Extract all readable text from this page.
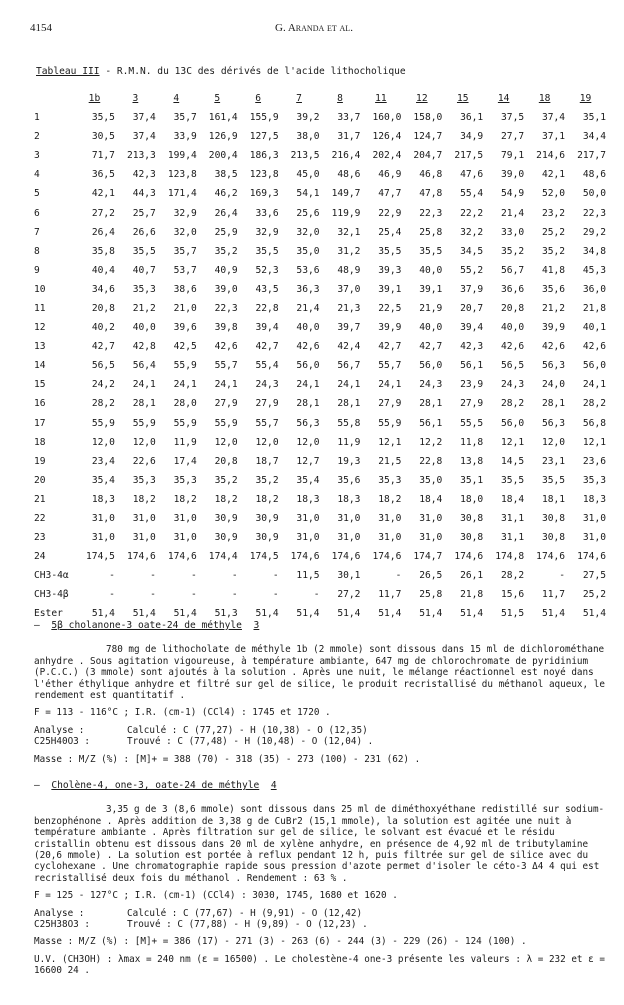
4154	G. Aranda et al.
Tableau III - R.M.N. du 13C des dérivés de l'acide lithocholique
	1b	3	4	5	6	7	8	11	12	15	14	18	19
1	35,5	37,4	35,7	161,4	155,9	39,2	33,7	160,0	158,0	36,1	37,5	37,4	35,1
2	30,5	37,4	33,9	126,9	127,5	38,0	31,7	126,4	124,7	34,9	27,7	37,1	34,4
3	71,7	213,3	199,4	200,4	186,3	213,5	216,4	202,4	204,7	217,5	79,1	214,6	217,7
4	36,5	42,3	123,8	38,5	123,8	45,0	48,6	46,9	46,8	47,6	39,0	42,1	48,6
5	42,1	44,3	171,4	46,2	169,3	54,1	149,7	47,7	47,8	55,4	54,9	52,0	50,0
6	27,2	25,7	32,9	26,4	33,6	25,6	119,9	22,9	22,3	22,2	21,4	23,2	22,3
7	26,4	26,6	32,0	25,9	32,9	32,0	32,1	25,4	25,8	32,2	33,0	25,2	29,2
8	35,8	35,5	35,7	35,2	35,5	35,0	31,2	35,5	35,5	34,5	35,2	35,2	34,8
9	40,4	40,7	53,7	40,9	52,3	53,6	48,9	39,3	40,0	55,2	56,7	41,8	45,3
10	34,6	35,3	38,6	39,0	43,5	36,3	37,0	39,1	39,1	37,9	36,6	35,6	36,0
11	20,8	21,2	21,0	22,3	22,8	21,4	21,3	22,5	21,9	20,7	20,8	21,2	21,8
12	40,2	40,0	39,6	39,8	39,4	40,0	39,7	39,9	40,0	39,4	40,0	39,9	40,1
13	42,7	42,8	42,5	42,6	42,7	42,6	42,4	42,7	42,7	42,3	42,6	42,6	42,6
14	56,5	56,4	55,9	55,7	55,4	56,0	56,7	55,7	56,0	56,1	56,5	56,3	56,0
15	24,2	24,1	24,1	24,1	24,3	24,1	24,1	24,1	24,3	23,9	24,3	24,0	24,1
16	28,2	28,1	28,0	27,9	27,9	28,1	28,1	27,9	28,1	27,9	28,2	28,1	28,2
17	55,9	55,9	55,9	55,9	55,7	56,3	55,8	55,9	56,1	55,5	56,0	56,3	56,8
18	12,0	12,0	11,9	12,0	12,0	12,0	11,9	12,1	12,2	11,8	12,1	12,0	12,1
19	23,4	22,6	17,4	20,8	18,7	12,7	19,3	21,5	22,8	13,8	14,5	23,1	23,6
20	35,4	35,3	35,3	35,2	35,2	35,4	35,6	35,3	35,0	35,1	35,5	35,5	35,3
21	18,3	18,2	18,2	18,2	18,2	18,3	18,3	18,2	18,4	18,0	18,4	18,1	18,3
22	31,0	31,0	31,0	30,9	30,9	31,0	31,0	31,0	31,0	30,8	31,1	30,8	31,0
23	31,0	31,0	31,0	30,9	30,9	31,0	31,0	31,0	31,0	30,8	31,1	30,8	31,0
24	174,5	174,6	174,6	174,4	174,5	174,6	174,6	174,6	174,7	174,6	174,8	174,6	174,6
CH3-4α	-	-	-	-	-	11,5	30,1	-	26,5	26,1	28,2	-	27,5
CH3-4β	-	-	-	-	-	-	27,2	11,7	25,8	21,8	15,6	11,7	25,2
Ester	51,4	51,4	51,4	51,3	51,4	51,4	51,4	51,4	51,4	51,4	51,5	51,4	51,4

— 5β cholanone-3 oate-24 de méthyle 3

780 mg de lithocholate de méthyle 1b (2 mmole) sont dissous dans 15 ml de dichlorométhane anhydre . Sous agitation vigoureuse, à température ambiante, 647 mg de chlorochromate de pyridinium (P.C.C.) (3 mmole) sont ajoutés à la solution . Après une nuit, le mélange réactionnel est noyé dans l'éther éthylique anhydre et filtré sur gel de silice, le produit recristallisé du méthanol aqueux, le rendement est quantitatif .

F = 113 - 116°C ; I.R. (cm-1) (CCl4) : 1745 et 1720 .

Analyse : C25H40O3 :
Calculé : C (77,27) - H (10,38) - O (12,35)
Trouvé : C (77,48) - H (10,48) - O (12,04) .

Masse : M/Z (%) : [M]+ = 388 (70) - 318 (35) - 273 (100) - 231 (62) .

— Cholène-4, one-3, oate-24 de méthyle 4

3,35 g de 3 (8,6 mmole) sont dissous dans 25 ml de diméthoxyéthane redistillé sur sodium-benzophénone . Après addition de 3,38 g de CuBr2 (15,1 mmole), la solution est agitée une nuit à température ambiante . Après filtration sur gel de silice, le solvant est évacué et le résidu cristallin obtenu est dissous dans 20 ml de xylène anhydre, en présence de 4,92 ml de tributylamine (20,6 mmole) . La solution est portée à reflux pendant 12 h, puis filtrée sur gel de silice avec du cyclohexane . Une chromatographie rapide sous pression d'azote permet d'isoler le céto-3 Δ4 4 qui est recristallisé deux fois du méthanol . Rendement : 63 % .

F = 125 - 127°C ; I.R. (cm-1) (CCl4) : 3030, 1745, 1680 et 1620 .

Analyse : C25H38O3 :
Calculé : C (77,67) - H (9,91) - O (12,42)
Trouvé : C (77,88) - H (9,89) - O (12,23) .

Masse : M/Z (%) : [M]+ = 386 (17) - 271 (3) - 263 (6) - 244 (3) - 229 (26) - 124 (100) .

U.V. (CH3OH) : λmax = 240 nm (ε = 16500) . Le cholestène-4 one-3 présente les valeurs : λ = 232 et ε = 16600 24 .
